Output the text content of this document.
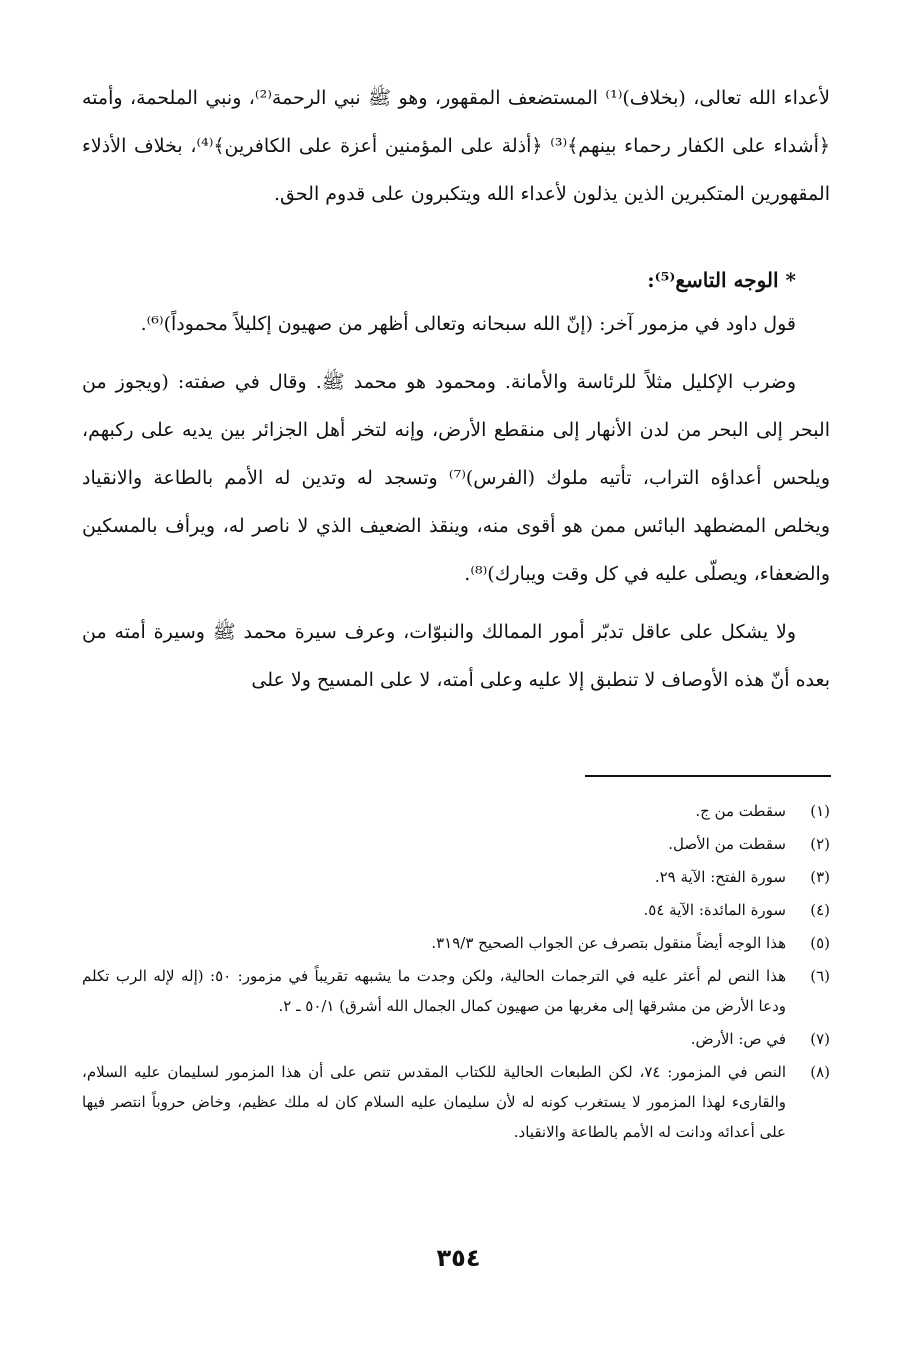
لأعداء الله تعالى، (بخلاف)⁽¹⁾ المستضعف المقهور، وهو ﷺ نبي الرحمة⁽²⁾، ونبي الملحمة، وأمته ﴿أشداء على الكفار رحماء بينهم﴾⁽³⁾ ﴿أذلة على المؤمنين أعزة على الكافرين﴾⁽⁴⁾، بخلاف الأذلاء المقهورين المتكبرين الذين يذلون لأعداء الله ويتكبرون على قدوم الحق.

* الوجه التاسع⁽⁵⁾:

قول داود في مزمور آخر: (إنّ الله سبحانه وتعالى أظهر من صهيون إكليلاً محموداً)⁽⁶⁾.

وضرب الإكليل مثلاً للرئاسة والأمانة. ومحمود هو محمد ﷺ. وقال في صفته: (ويجوز من البحر إلى البحر من لدن الأنهار إلى منقطع الأرض، وإنه لتخر أهل الجزائر بين يديه على ركبهم، ويلحس أعداؤه التراب، تأتيه ملوك (الفرس)⁽⁷⁾ وتسجد له وتدين له الأمم بالطاعة والانقياد ويخلص المضطهد البائس ممن هو أقوى منه، وينقذ الضعيف الذي لا ناصر له، ويرأف بالمسكين والضعفاء، ويصلّى عليه في كل وقت ويبارك)⁽⁸⁾.

ولا يشكل على عاقل تدبّر أمور الممالك والنبوّات، وعرف سيرة محمد ﷺ وسيرة أمته من بعده أنّ هذه الأوصاف لا تنطبق إلا عليه وعلى أمته، لا على المسيح ولا على

(١)
سقطت من ج.
(٢)
سقطت من الأصل.
(٣)
سورة الفتح: الآية ٢٩.
(٤)
سورة المائدة: الآية ٥٤.
(٥)
هذا الوجه أيضاً منقول بتصرف عن الجواب الصحيح ٣١٩/٣.
(٦)
هذا النص لم أعثر عليه في الترجمات الحالية، ولكن وجدت ما يشبهه تقريباً في مزمور: ٥٠: (إله لإله الرب تكلم ودعا الأرض من مشرقها إلى مغربها من صهيون كمال الجمال الله أشرق) ٥٠/١ ـ ٢.
(٧)
في ص: الأرض.
(٨)
النص في المزمور: ٧٤، لكن الطبعات الحالية للكتاب المقدس تنص على أن هذا المزمور لسليمان عليه السلام، والقارىء لهذا المزمور لا يستغرب كونه له لأن سليمان عليه السلام كان له ملك عظيم، وخاض حروباً انتصر فيها على أعدائه ودانت له الأمم بالطاعة والانقياد.
٣٥٤
